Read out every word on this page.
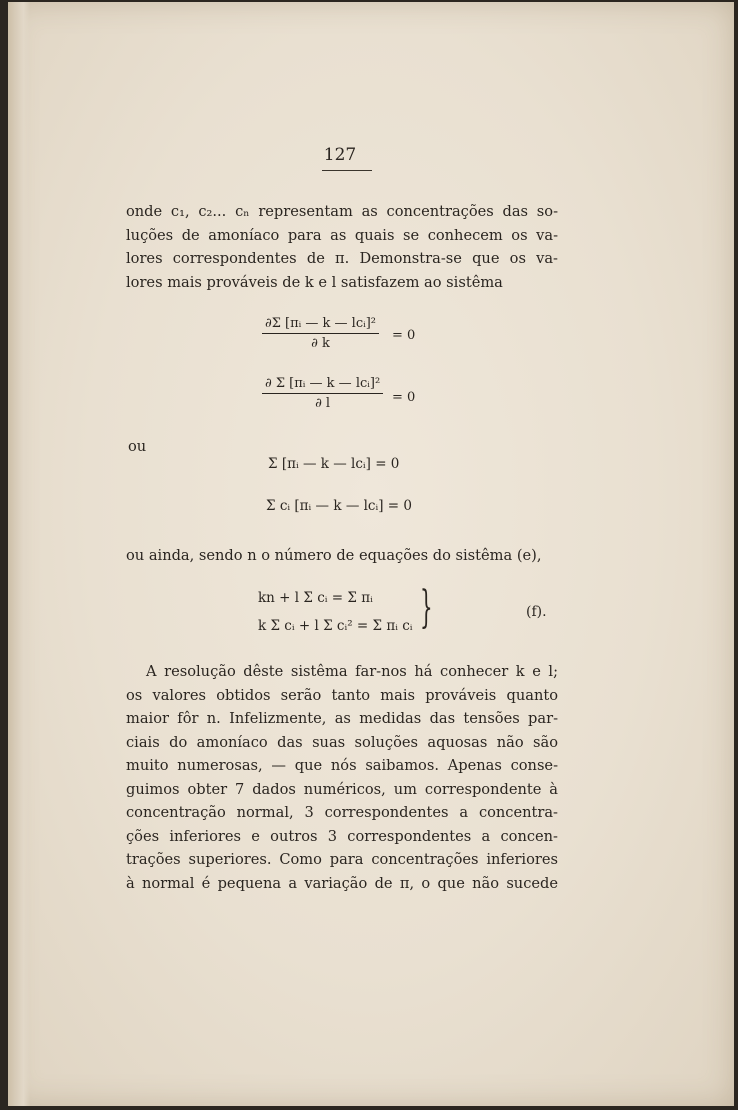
127
onde c₁, c₂... cₙ representam as concentrações das so-
luções de amoníaco para as quais se conhecem os va-
lores correspondentes de π. Demonstra-se que os va-
lores mais prováveis de k e l satisfazem ao sistêma
∂Σ [πᵢ — k — lcᵢ]²
∂ k
= 0
∂ Σ [πᵢ — k — lcᵢ]²
∂ l	= 0
ou
Σ [πᵢ — k — lcᵢ] = 0
Σ cᵢ [πᵢ — k — lcᵢ] = 0
ou ainda, sendo n o número de equações do sistêma (e),
kn + l Σ cᵢ = Σ πᵢ
k Σ cᵢ + l Σ cᵢ² = Σ πᵢ cᵢ }	(f).
A resolução dêste sistêma far-nos há conhecer k e l;
os valores obtidos serão tanto mais prováveis quanto
maior fôr n. Infelizmente, as medidas das tensões par-
ciais do amoníaco das suas soluções aquosas não são
muito numerosas, — que nós saibamos. Apenas conse-
guimos obter 7 dados numéricos, um correspondente à
concentração normal, 3 correspondentes a concentra-
ções inferiores e outros 3 correspondentes a concen-
trações superiores. Como para concentrações inferiores
à normal é pequena a variação de π, o que não sucede
